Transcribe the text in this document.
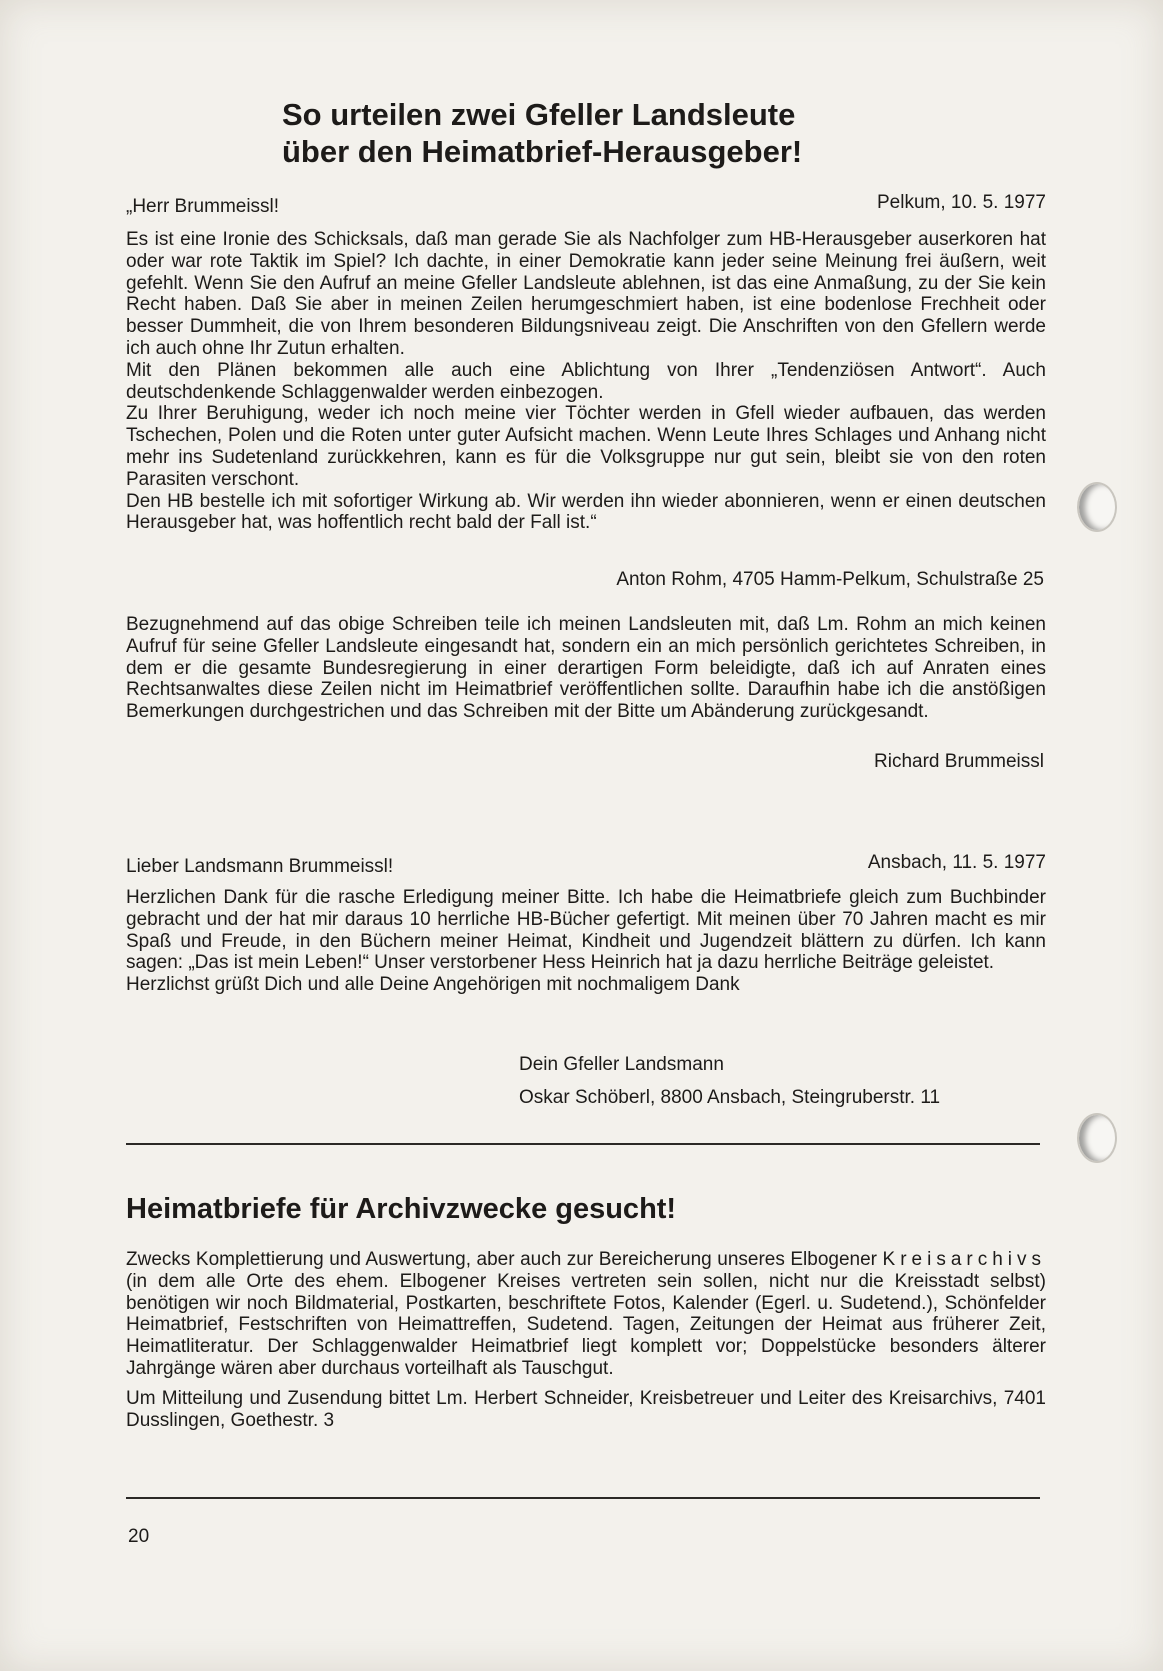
So urteilen zwei Gfeller Landsleute
über den Heimatbrief-Herausgeber!
„Herr Brummeissl!	Pelkum, 10. 5. 1977

Es ist eine Ironie des Schicksals, daß man gerade Sie als Nachfolger zum HB-Herausgeber auserkoren hat oder war rote Taktik im Spiel? Ich dachte, in einer Demokratie kann jeder seine Meinung frei äußern, weit gefehlt. Wenn Sie den Aufruf an meine Gfeller Landsleute ablehnen, ist das eine Anmaßung, zu der Sie kein Recht haben. Daß Sie aber in meinen Zeilen herumgeschmiert haben, ist eine bodenlose Frechheit oder besser Dummheit, die von Ihrem besonderen Bildungsniveau zeigt. Die Anschriften von den Gfellern werde ich auch ohne Ihr Zutun erhalten.

Mit den Plänen bekommen alle auch eine Ablichtung von Ihrer „Tendenziösen Antwort“. Auch deutschdenkende Schlaggenwalder werden einbezogen.

Zu Ihrer Beruhigung, weder ich noch meine vier Töchter werden in Gfell wieder aufbauen, das werden Tschechen, Polen und die Roten unter guter Aufsicht machen. Wenn Leute Ihres Schlages und Anhang nicht mehr ins Sudetenland zurückkehren, kann es für die Volksgruppe nur gut sein, bleibt sie von den roten Parasiten verschont.

Den HB bestelle ich mit sofortiger Wirkung ab. Wir werden ihn wieder abonnieren, wenn er einen deutschen Herausgeber hat, was hoffentlich recht bald der Fall ist.“

Anton Rohm, 4705 Hamm-Pelkum, Schulstraße 25

Bezugnehmend auf das obige Schreiben teile ich meinen Landsleuten mit, daß Lm. Rohm an mich keinen Aufruf für seine Gfeller Landsleute eingesandt hat, sondern ein an mich persönlich gerichtetes Schreiben, in dem er die gesamte Bundesregierung in einer derartigen Form beleidigte, daß ich auf Anraten eines Rechtsanwaltes diese Zeilen nicht im Heimatbrief veröffentlichen sollte. Daraufhin habe ich die anstößigen Bemerkungen durchgestrichen und das Schreiben mit der Bitte um Abänderung zurückgesandt.

Richard Brummeissl

Lieber Landsmann Brummeissl!	Ansbach, 11. 5. 1977

Herzlichen Dank für die rasche Erledigung meiner Bitte. Ich habe die Heimatbriefe gleich zum Buchbinder gebracht und der hat mir daraus 10 herrliche HB-Bücher gefertigt. Mit meinen über 70 Jahren macht es mir Spaß und Freude, in den Büchern meiner Heimat, Kindheit und Jugendzeit blättern zu dürfen. Ich kann sagen: „Das ist mein Leben!“ Unser verstorbener Hess Heinrich hat ja dazu herrliche Beiträge geleistet.

Herzlichst grüßt Dich und alle Deine Angehörigen mit nochmaligem Dank

Dein Gfeller Landsmann

Oskar Schöberl, 8800 Ansbach, Steingruberstr. 11

Heimatbriefe für Archivzwecke gesucht!

Zwecks Komplettierung und Auswertung, aber auch zur Bereicherung unseres Elbogener Kreisarchivs (in dem alle Orte des ehem. Elbogener Kreises vertreten sein sollen, nicht nur die Kreisstadt selbst) benötigen wir noch Bildmaterial, Postkarten, beschriftete Fotos, Kalender (Egerl. u. Sudetend.), Schönfelder Heimatbrief, Festschriften von Heimattreffen, Sudetend. Tagen, Zeitungen der Heimat aus früherer Zeit, Heimatliteratur. Der Schlaggenwalder Heimatbrief liegt komplett vor; Doppelstücke besonders älterer Jahrgänge wären aber durchaus vorteilhaft als Tauschgut.

Um Mitteilung und Zusendung bittet Lm. Herbert Schneider, Kreisbetreuer und Leiter des Kreisarchivs, 7401 Dusslingen, Goethestr. 3

20
